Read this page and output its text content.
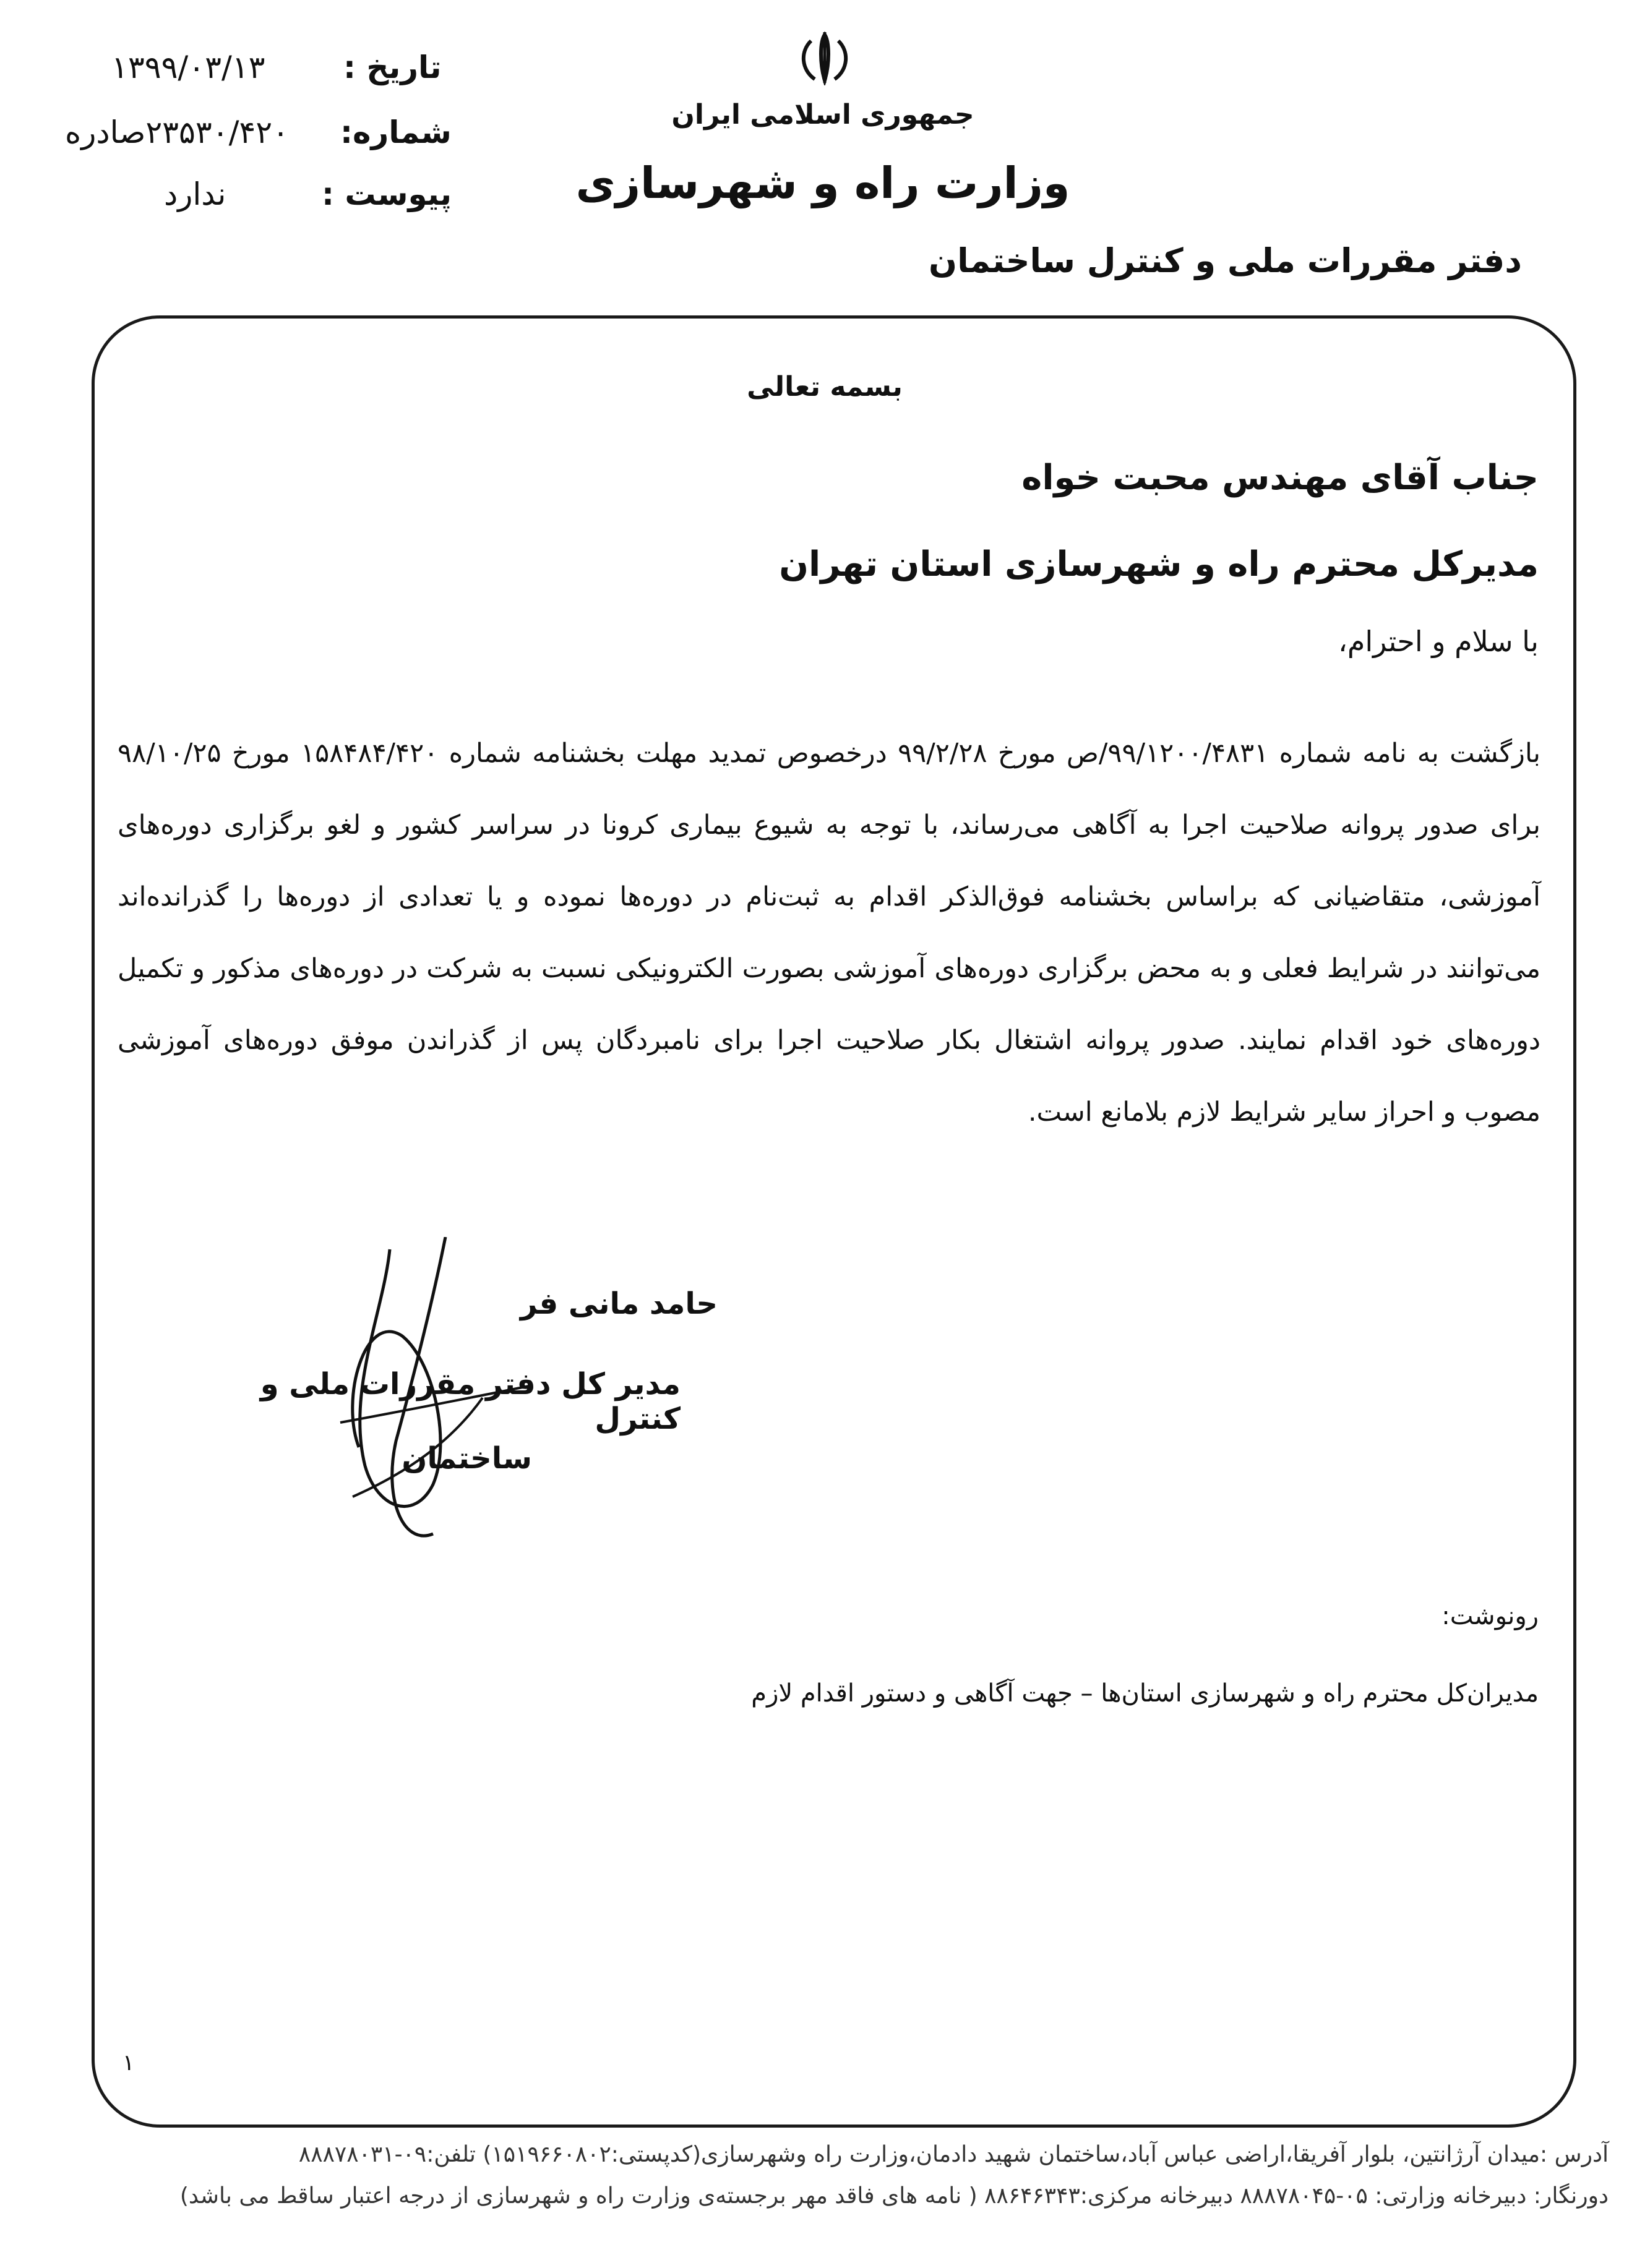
جمهوری اسلامی ایران
وزارت راه و شهرسازی
تاریخ :
۱۳۹۹/۰۳/۱۳
شماره:
۲۳۵۳۰/۴۲۰صادره
پیوست :
ندارد
دفتر مقررات ملی و کنترل ساختمان
بسمه تعالی
جناب آقای مهندس محبت خواه
مدیرکل محترم راه و شهرسازی استان تهران
با سلام و احترام،
بازگشت به نامه شماره ۹۹/۱۲۰۰/۴۸۳۱/ص مورخ ۹۹/۲/۲۸ درخصوص تمدید مهلت بخشنامه شماره ۱۵۸۴۸۴/۴۲۰ مورخ ۹۸/۱۰/۲۵ برای صدور پروانه صلاحیت اجرا به آگاهی می‌رساند، با توجه به شیوع بیماری کرونا در سراسر کشور و لغو برگزاری دوره‌های آموزشی، متقاضیانی که براساس بخشنامه فوق‌الذکر اقدام به ثبت‌نام در دوره‌ها نموده و یا تعدادی از دوره‌ها را گذرانده‌اند می‌توانند در شرایط فعلی و به محض برگزاری دوره‌های آموزشی بصورت الکترونیکی نسبت به شرکت در دوره‌های مذکور و تکمیل دوره‌های خود اقدام نمایند. صدور پروانه اشتغال بکار صلاحیت اجرا برای نامبردگان پس از گذراندن موفق دوره‌های آموزشی مصوب و احراز سایر شرایط لازم بلامانع است.
حامد مانی فر
مدیر کل دفتر مقررات ملی و کنترل
ساختمان
رونوشت:
مدیران‌کل محترم راه و شهرسازی استان‌ها – جهت آگاهی و دستور اقدام لازم
۱
آدرس :میدان آرژانتین، بلوار آفریقا،اراضی عباس آباد،ساختمان شهید دادمان،وزارت راه وشهرسازی(کدپستی:۱۵۱۹۶۶۰۸۰۲) تلفن:۰۹-۸۸۸۷۸۰۳۱
دورنگار: دبیرخانه وزارتی: ۰۵-۸۸۸۷۸۰۴۵ دبیرخانه مرکزی:۸۸۶۴۶۳۴۳ ( نامه های فاقد مهر برجسته‌ی وزارت راه و شهرسازی از درجه اعتبار ساقط می باشد)
